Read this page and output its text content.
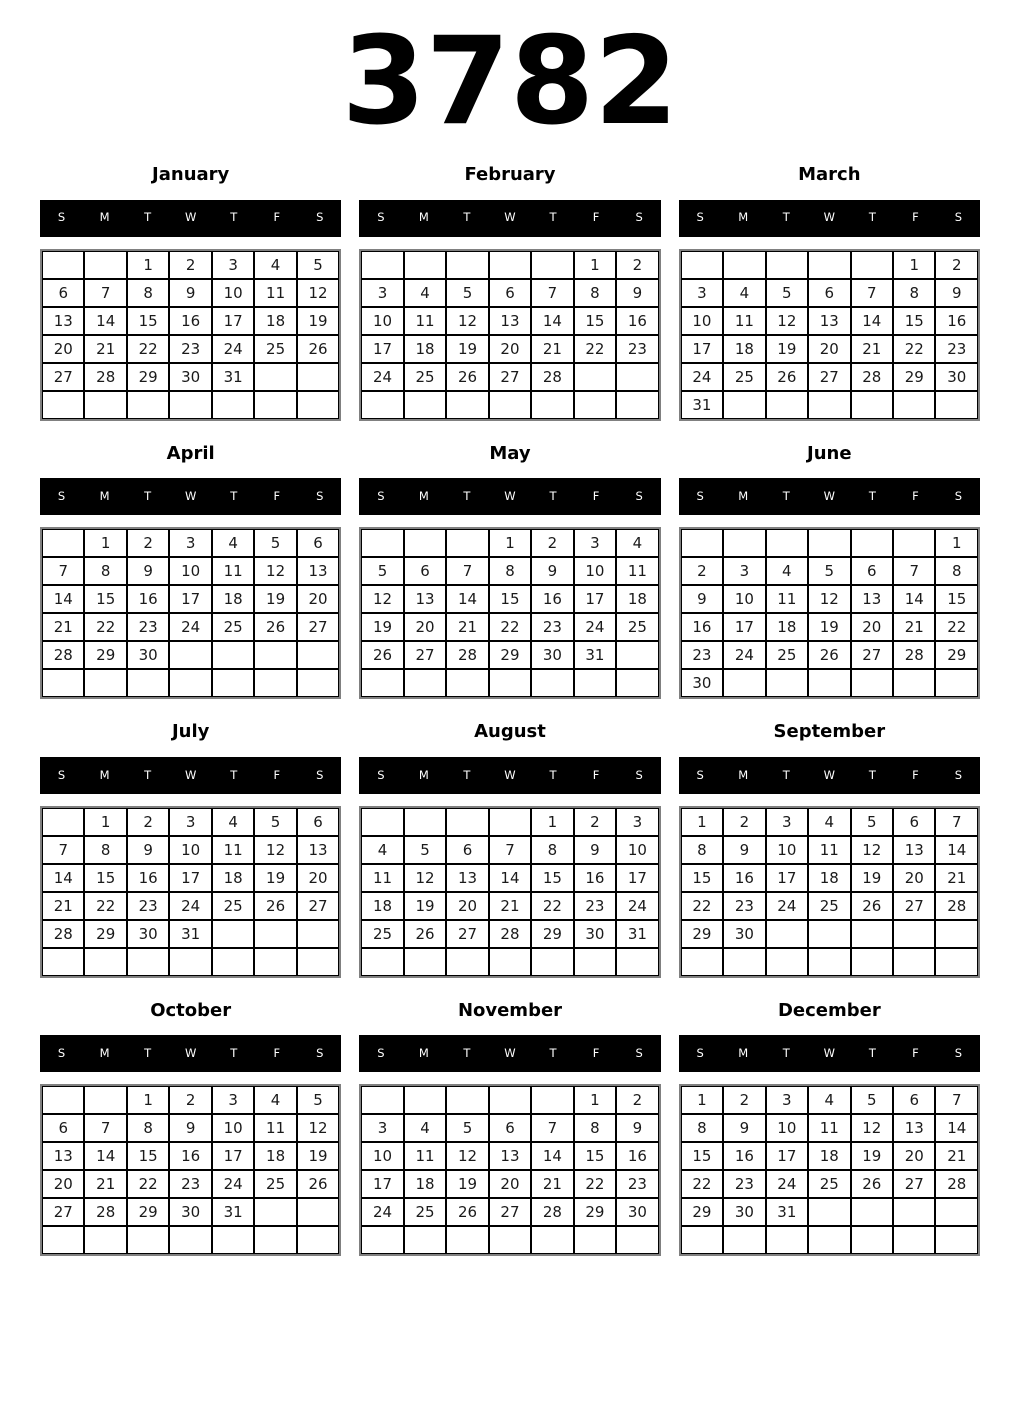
3782
January
S	M	T	W	T	F	S
		1	2	3	4	5
6	7	8	9	10	11	12
13	14	15	16	17	18	19
20	21	22	23	24	25	26
27	28	29	30	31		

February
S	M	T	W	T	F	S
					1	2
3	4	5	6	7	8	9
10	11	12	13	14	15	16
17	18	19	20	21	22	23
24	25	26	27	28		

March
S	M	T	W	T	F	S
					1	2
3	4	5	6	7	8	9
10	11	12	13	14	15	16
17	18	19	20	21	22	23
24	25	26	27	28	29	30
31						
April
S	M	T	W	T	F	S
	1	2	3	4	5	6
7	8	9	10	11	12	13
14	15	16	17	18	19	20
21	22	23	24	25	26	27
28	29	30				

May
S	M	T	W	T	F	S
			1	2	3	4
5	6	7	8	9	10	11
12	13	14	15	16	17	18
19	20	21	22	23	24	25
26	27	28	29	30	31	

June
S	M	T	W	T	F	S
						1
2	3	4	5	6	7	8
9	10	11	12	13	14	15
16	17	18	19	20	21	22
23	24	25	26	27	28	29
30						
July
S	M	T	W	T	F	S
	1	2	3	4	5	6
7	8	9	10	11	12	13
14	15	16	17	18	19	20
21	22	23	24	25	26	27
28	29	30	31			

August
S	M	T	W	T	F	S
				1	2	3
4	5	6	7	8	9	10
11	12	13	14	15	16	17
18	19	20	21	22	23	24
25	26	27	28	29	30	31

September
S	M	T	W	T	F	S
1	2	3	4	5	6	7
8	9	10	11	12	13	14
15	16	17	18	19	20	21
22	23	24	25	26	27	28
29	30					

October
S	M	T	W	T	F	S
		1	2	3	4	5
6	7	8	9	10	11	12
13	14	15	16	17	18	19
20	21	22	23	24	25	26
27	28	29	30	31		

November
S	M	T	W	T	F	S
					1	2
3	4	5	6	7	8	9
10	11	12	13	14	15	16
17	18	19	20	21	22	23
24	25	26	27	28	29	30

December
S	M	T	W	T	F	S
1	2	3	4	5	6	7
8	9	10	11	12	13	14
15	16	17	18	19	20	21
22	23	24	25	26	27	28
29	30	31				
